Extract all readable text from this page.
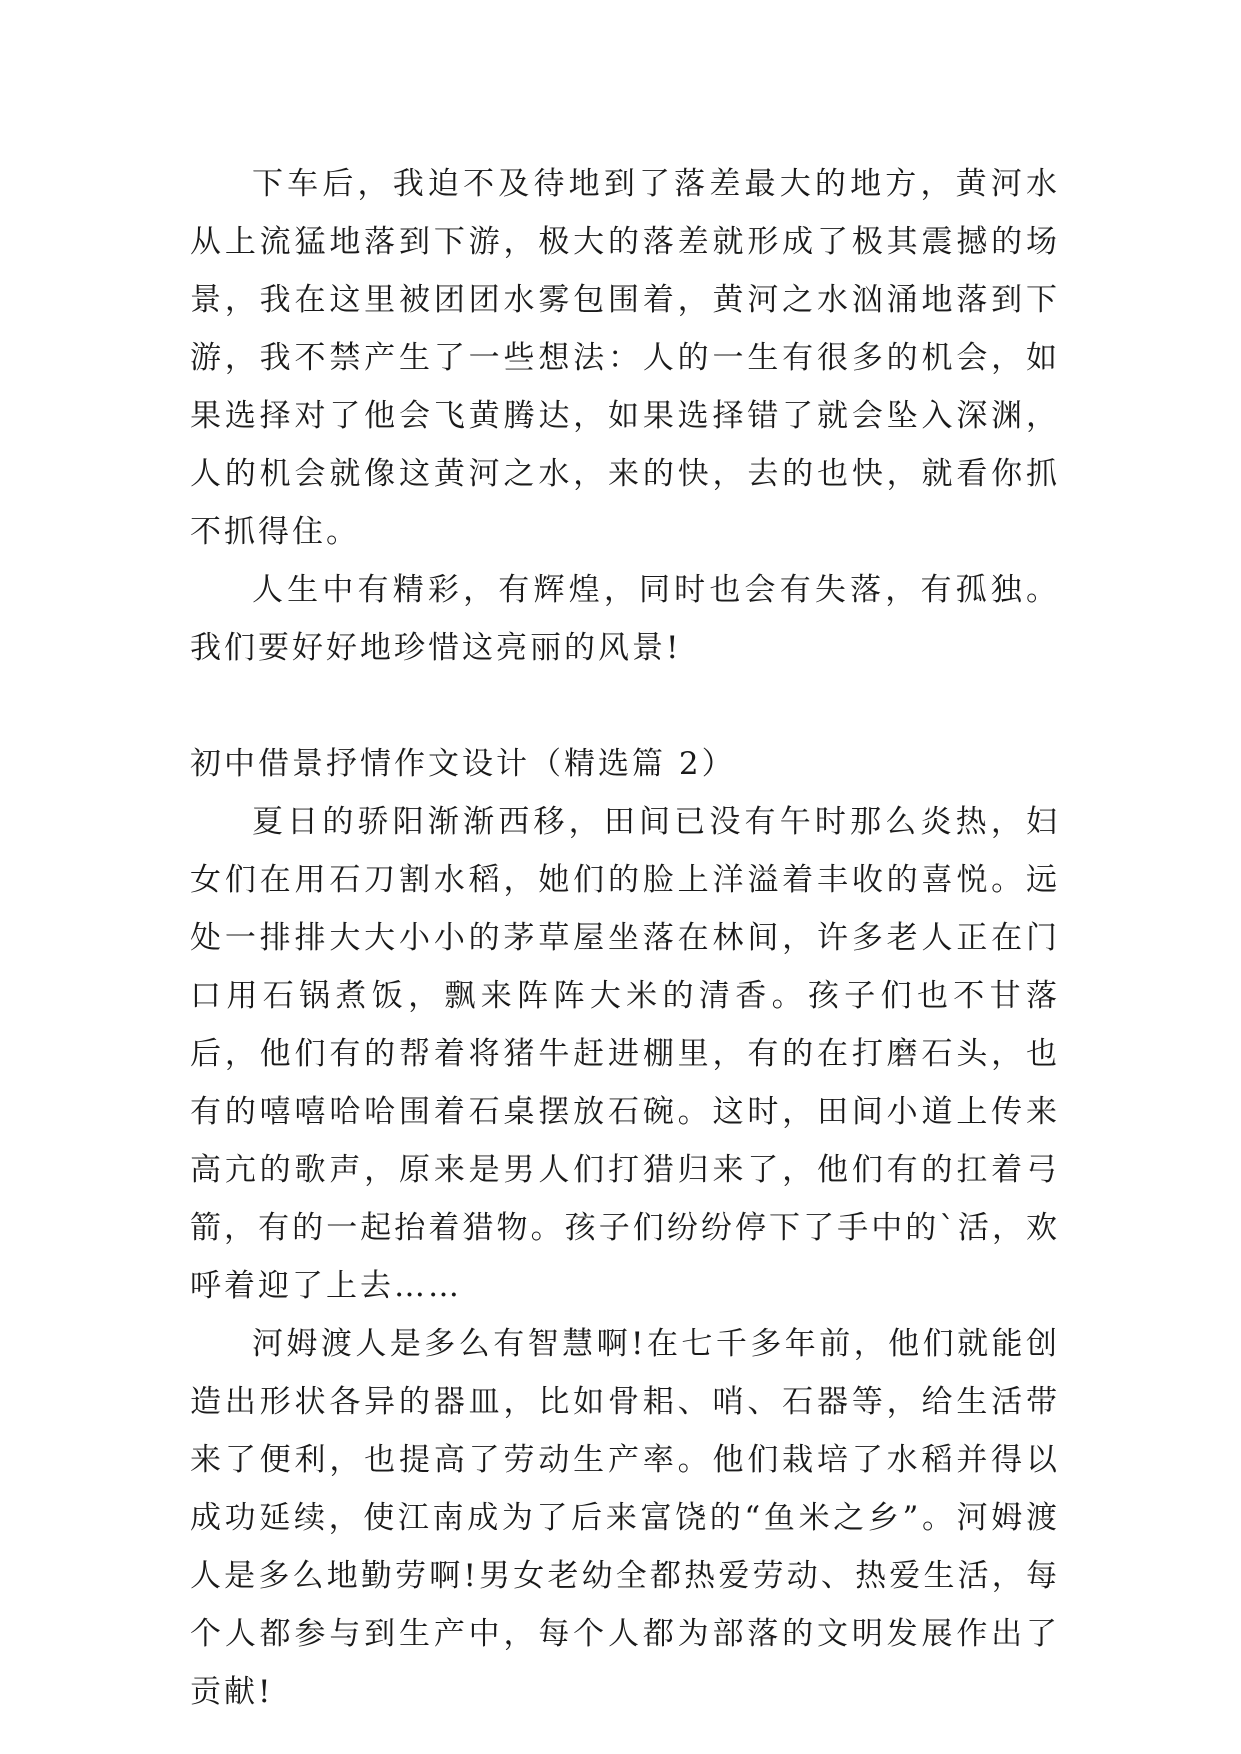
下车后，我迫不及待地到了落差最大的地方，黄河水从上流猛地落到下游，极大的落差就形成了极其震撼的场景，我在这里被团团水雾包围着，黄河之水汹涌地落到下游，我不禁产生了一些想法：人的一生有很多的机会，如果选择对了他会飞黄腾达，如果选择错了就会坠入深渊，人的机会就像这黄河之水，来的快，去的也快，就看你抓不抓得住。

人生中有精彩，有辉煌，同时也会有失落，有孤独。我们要好好地珍惜这亮丽的风景!

初中借景抒情作文设计（精选篇 2）

夏日的骄阳渐渐西移，田间已没有午时那么炎热，妇女们在用石刀割水稻，她们的脸上洋溢着丰收的喜悦。远处一排排大大小小的茅草屋坐落在林间，许多老人正在门口用石锅煮饭，飘来阵阵大米的清香。孩子们也不甘落后，他们有的帮着将猪牛赶进棚里，有的在打磨石头，也有的嘻嘻哈哈围着石桌摆放石碗。这时，田间小道上传来高亢的歌声，原来是男人们打猎归来了，他们有的扛着弓箭，有的一起抬着猎物。孩子们纷纷停下了手中的`活，欢呼着迎了上去……

河姆渡人是多么有智慧啊!在七千多年前，他们就能创造出形状各异的器皿，比如骨耜、哨、石器等，给生活带来了便利，也提高了劳动生产率。他们栽培了水稻并得以成功延续，使江南成为了后来富饶的“鱼米之乡”。河姆渡人是多么地勤劳啊!男女老幼全都热爱劳动、热爱生活，每个人都参与到生产中，每个人都为部落的文明发展作出了贡献!
